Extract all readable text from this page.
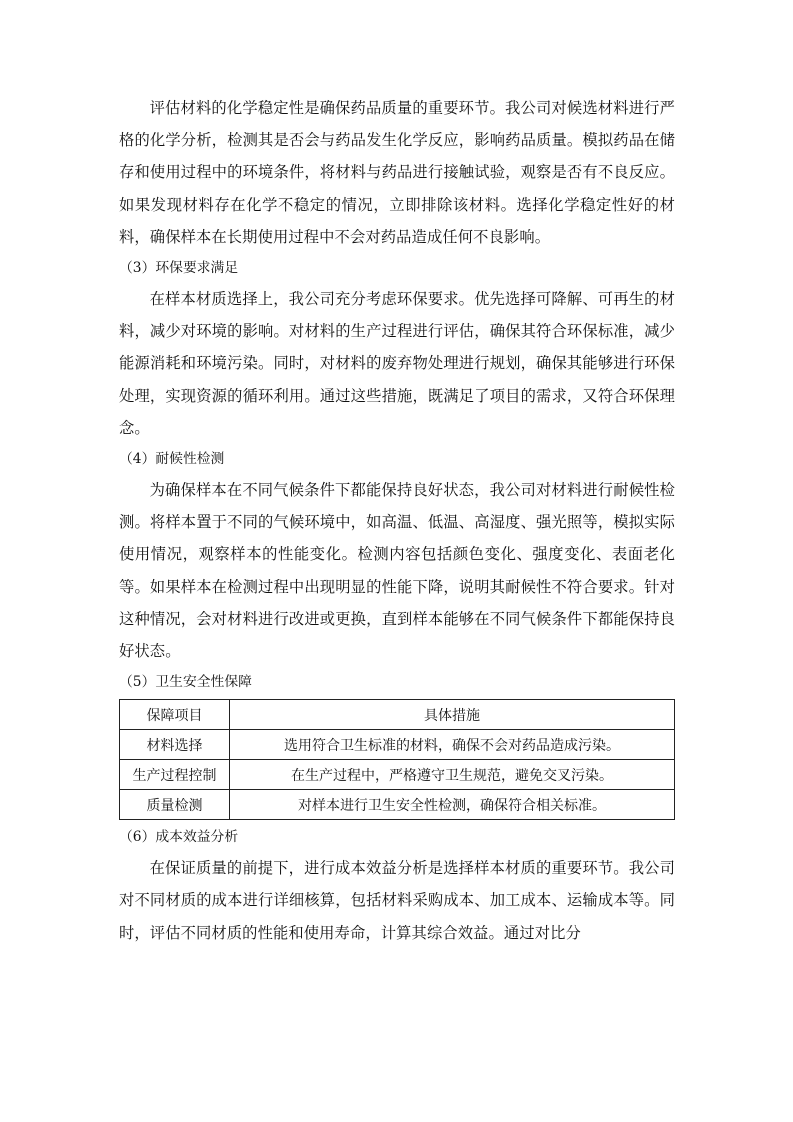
评估材料的化学稳定性是确保药品质量的重要环节。我公司对候选材料进行严格的化学分析，检测其是否会与药品发生化学反应，影响药品质量。模拟药品在储存和使用过程中的环境条件，将材料与药品进行接触试验，观察是否有不良反应。如果发现材料存在化学不稳定的情况，立即排除该材料。选择化学稳定性好的材料，确保样本在长期使用过程中不会对药品造成任何不良影响。

（3）环保要求满足

在样本材质选择上，我公司充分考虑环保要求。优先选择可降解、可再生的材料，减少对环境的影响。对材料的生产过程进行评估，确保其符合环保标准，减少能源消耗和环境污染。同时，对材料的废弃物处理进行规划，确保其能够进行环保处理，实现资源的循环利用。通过这些措施，既满足了项目的需求，又符合环保理念。

（4）耐候性检测

为确保样本在不同气候条件下都能保持良好状态，我公司对材料进行耐候性检测。将样本置于不同的气候环境中，如高温、低温、高湿度、强光照等，模拟实际使用情况，观察样本的性能变化。检测内容包括颜色变化、强度变化、表面老化等。如果样本在检测过程中出现明显的性能下降，说明其耐候性不符合要求。针对这种情况，会对材料进行改进或更换，直到样本能够在不同气候条件下都能保持良好状态。

（5）卫生安全性保障

保障项目	具体措施
材料选择	选用符合卫生标准的材料，确保不会对药品造成污染。
生产过程控制	在生产过程中，严格遵守卫生规范，避免交叉污染。
质量检测	对样本进行卫生安全性检测，确保符合相关标准。

（6）成本效益分析

在保证质量的前提下，进行成本效益分析是选择样本材质的重要环节。我公司对不同材质的成本进行详细核算，包括材料采购成本、加工成本、运输成本等。同时，评估不同材质的性能和使用寿命，计算其综合效益。通过对比分
